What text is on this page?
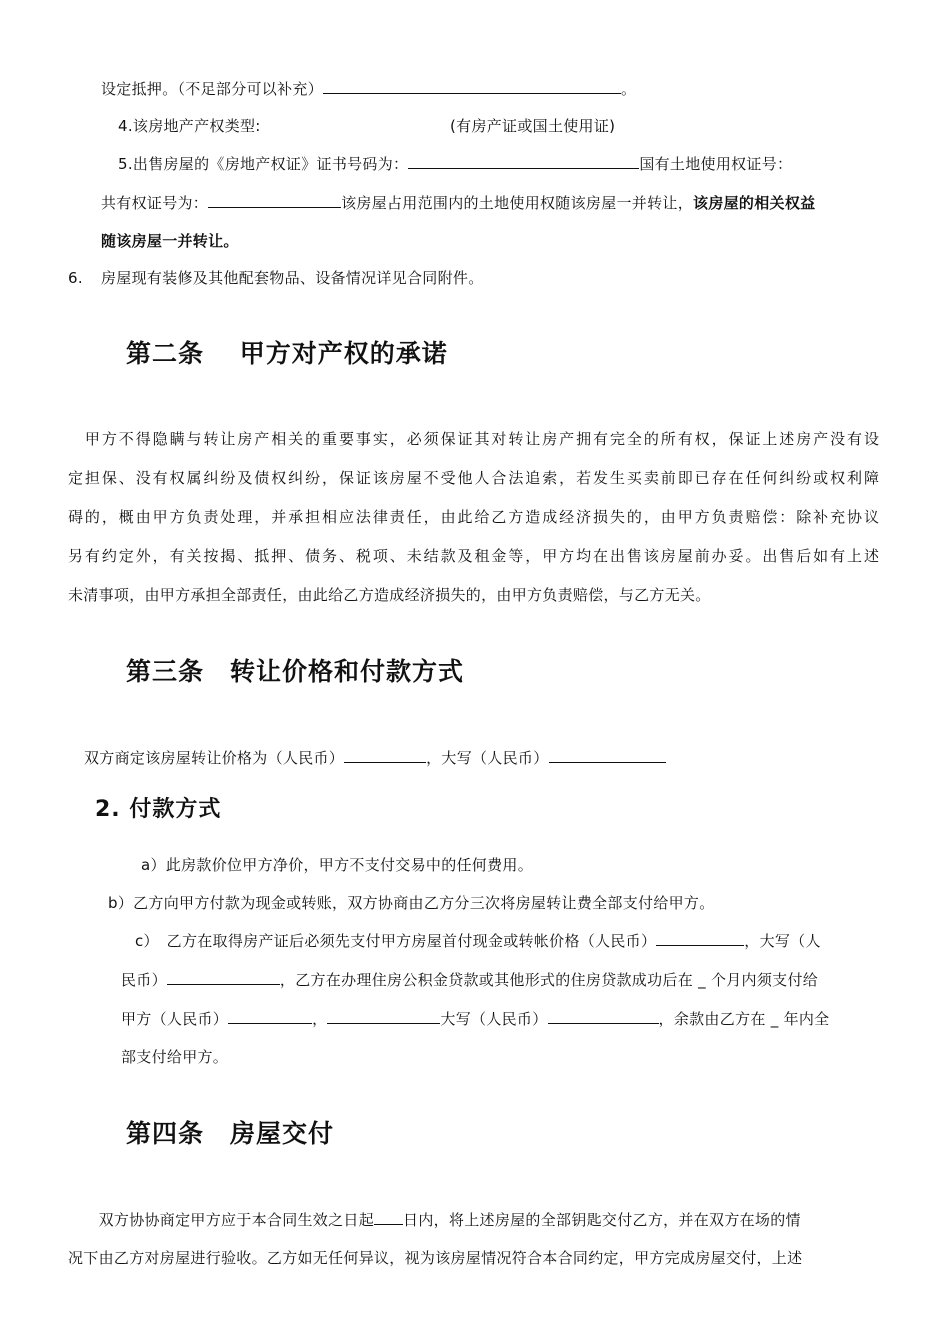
设定抵押。（不足部分可以补充）	。
4.该房地产产权类型:	(有房产证或国土使用证)
5.出售房屋的《房地产权证》证书号码为：	国有土地使用权证号：
共有权证号为：	该房屋占用范围内的土地使用权随该房屋一并转让，该房屋的相关权益
随该房屋一并转让。
6. 房屋现有装修及其他配套物品、设备情况详见合同附件。
第二条　 甲方对产权的承诺
　甲方不得隐瞒与转让房产相关的重要事实，必须保证其对转让房产拥有完全的所有权，保证上述房产没有设
定担保、没有权属纠纷及债权纠纷，保证该房屋不受他人合法追索，若发生买卖前即已存在任何纠纷或权利障
碍的，概由甲方负责处理，并承担相应法律责任，由此给乙方造成经济损失的，由甲方负责赔偿：除补充协议
另有约定外，有关按揭、抵押、债务、税项、未结款及租金等，甲方均在出售该房屋前办妥。出售后如有上述
未清事项，由甲方承担全部责任，由此给乙方造成经济损失的，由甲方负责赔偿，与乙方无关。
第三条　转让价格和付款方式
双方商定该房屋转让价格为（人民币）	，大写（人民币）
2. 付款方式
a）此房款价位甲方净价，甲方不支付交易中的任何费用。
b）乙方向甲方付款为现金或转账，双方协商由乙方分三次将房屋转让费全部支付给甲方。
c）　乙方在取得房产证后必须先支付甲方房屋首付现金或转帐价格（人民币）	，大写（人
民币）	，乙方在办理住房公积金贷款或其他形式的住房贷款成功后在 _ 个月内须支付给
甲方（人民币）	，	大写（人民币）	，余款由乙方在 _ 年内全
部支付给甲方。
第四条　房屋交付
　　双方协协商定甲方应于本合同生效之日起 日内，将上述房屋的全部钥匙交付乙方，并在双方在场的情
况下由乙方对房屋进行验收。乙方如无任何异议，视为该房屋情况符合本合同约定，甲方完成房屋交付，上述
